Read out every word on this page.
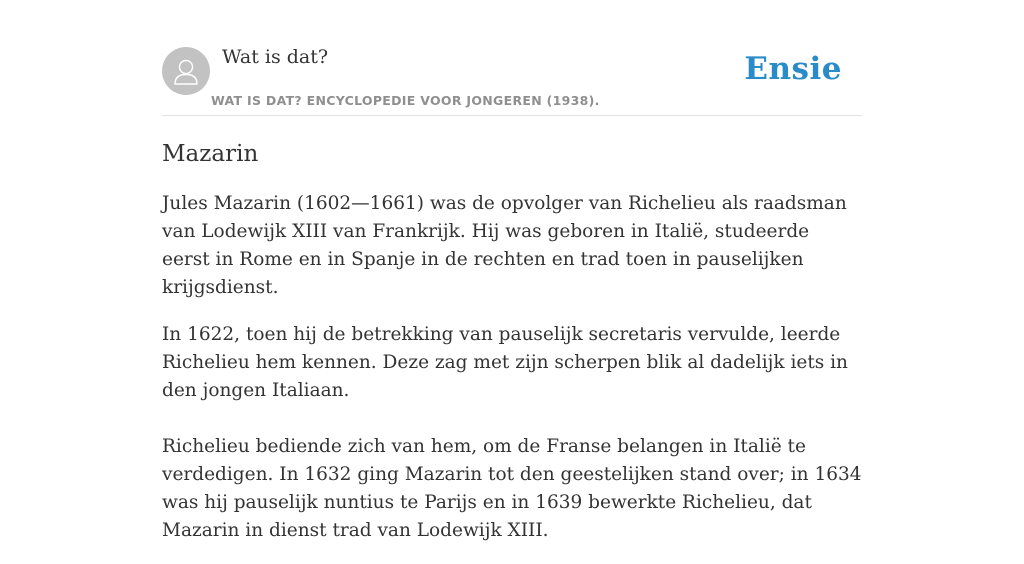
Wat is dat?
WAT IS DAT? ENCYCLOPEDIE VOOR JONGEREN (1938).
Ensie
Mazarin

Jules Mazarin (1602—1661) was de opvolger van Richelieu als raadsman van Lodewijk XIII van Frankrijk. Hij was geboren in Italië, studeerde eerst in Rome en in Spanje in de rechten en trad toen in pauselijken krijgsdienst.

In 1622, toen hij de betrekking van pauselijk secretaris vervulde, leerde Richelieu hem kennen. Deze zag met zijn scherpen blik al dadelijk iets in den jongen Italiaan.

Richelieu bediende zich van hem, om de Franse belangen in Italië te verdedigen. In 1632 ging Mazarin tot den geestelijken stand over; in 1634 was hij pauselijk nuntius te Parijs en in 1639 bewerkte Richelieu, dat Mazarin in dienst trad van Lodewijk XIII.
